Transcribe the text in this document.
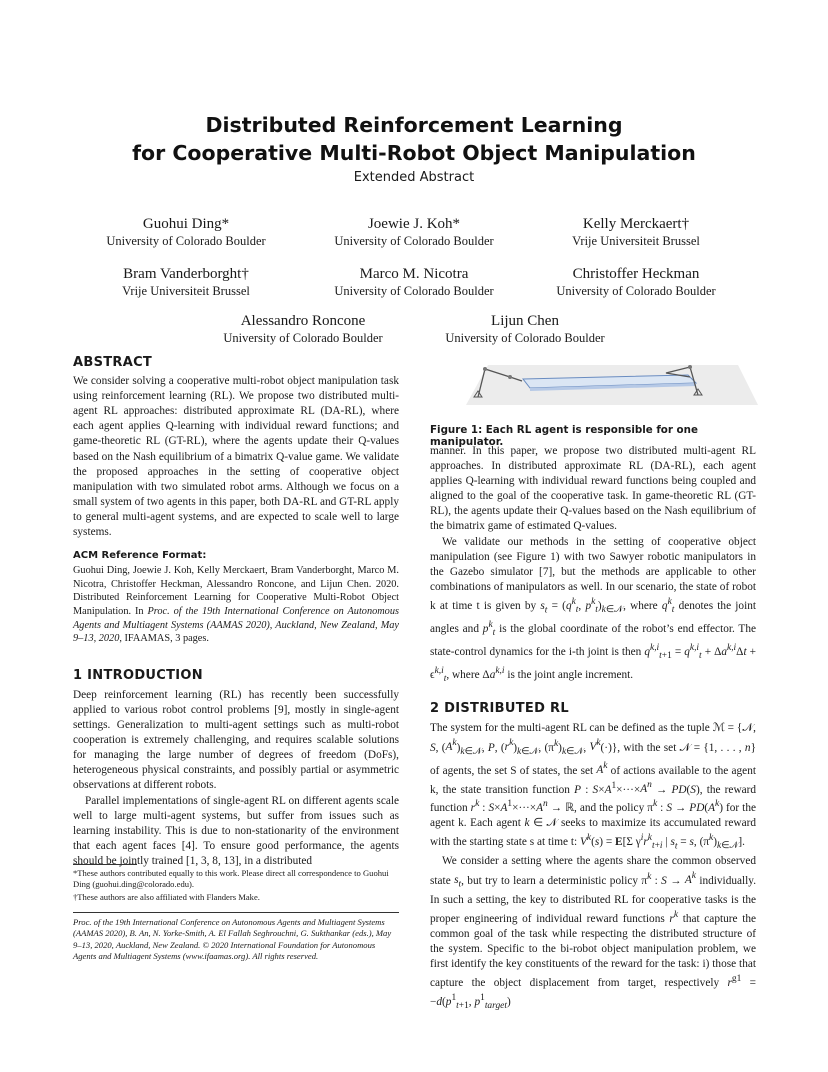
Distributed Reinforcement Learning
for Cooperative Multi-Robot Object Manipulation
Extended Abstract
Guohui Ding*
University of Colorado Boulder
Joewie J. Koh*
University of Colorado Boulder
Kelly Merckaert†
Vrije Universiteit Brussel
Bram Vanderborght†
Vrije Universiteit Brussel
Marco M. Nicotra
University of Colorado Boulder
Christoffer Heckman
University of Colorado Boulder
Alessandro Roncone
University of Colorado Boulder
Lijun Chen
University of Colorado Boulder
ABSTRACT

We consider solving a cooperative multi-robot object manipulation task using reinforcement learning (RL). We propose two distributed multi-agent RL approaches: distributed approximate RL (DA-RL), where each agent applies Q-learning with individual reward functions; and game-theoretic RL (GT-RL), where the agents update their Q-values based on the Nash equilibrium of a bimatrix Q-value game. We validate the proposed approaches in the setting of cooperative object manipulation with two simulated robot arms. Although we focus on a small system of two agents in this paper, both DA-RL and GT-RL apply to general multi-agent systems, and are expected to scale well to large systems.

ACM Reference Format:

Guohui Ding, Joewie J. Koh, Kelly Merckaert, Bram Vanderborght, Marco M. Nicotra, Christoffer Heckman, Alessandro Roncone, and Lijun Chen. 2020. Distributed Reinforcement Learning for Cooperative Multi-Robot Object Manipulation. In Proc. of the 19th International Conference on Autonomous Agents and Multiagent Systems (AAMAS 2020), Auckland, New Zealand, May 9–13, 2020, IFAAMAS, 3 pages.

1 INTRODUCTION

Deep reinforcement learning (RL) has recently been successfully applied to various robot control problems [9], mostly in single-agent settings. Generalization to multi-agent settings such as multi-robot cooperation is extremely challenging, and requires scalable solutions for managing the large number of degrees of freedom (DoFs), heterogeneous physical constraints, and possibly partial or asymmetric observations at different robots.

Parallel implementations of single-agent RL on different agents scale well to large multi-agent systems, but suffer from issues such as learning instability. This is due to non-stationarity of the environment that each agent faces [4]. To ensure good performance, the agents should be jointly trained [1, 3, 8, 13], in a distributed

*These authors contributed equally to this work. Please direct all correspondence to Guohui Ding (guohui.ding@colorado.edu).
†These authors are also affiliated with Flanders Make.
Proc. of the 19th International Conference on Autonomous Agents and Multiagent Systems (AAMAS 2020), B. An, N. Yorke-Smith, A. El Fallah Seghrouchni, G. Sukthankar (eds.), May 9–13, 2020, Auckland, New Zealand. © 2020 International Foundation for Autonomous Agents and Multiagent Systems (www.ifaamas.org). All rights reserved.
Figure 1: Each RL agent is responsible for one manipulator.

manner. In this paper, we propose two distributed multi-agent RL approaches. In distributed approximate RL (DA-RL), each agent applies Q-learning with individual reward functions being coupled and aligned to the goal of the cooperative task. In game-theoretic RL (GT-RL), the agents update their Q-values based on the Nash equilibrium of the bimatrix game of estimated Q-values.

We validate our methods in the setting of cooperative object manipulation (see Figure 1) with two Sawyer robotic manipulators in the Gazebo simulator [7], but the methods are applicable to other combinations of manipulators as well. In our scenario, the state of robot k at time t is given by $s_t = (q^k_t$, $p^k_t)_{k\in 𝒩}$, where $q^k_t$ denotes the joint angles and $p^k_t$ is the global coordinate of the robot’s end effector. The state-control dynamics for the i-th joint is then $q^{k,i}_{t+1} = q^{k,i}_t + \Delta a^{k,i}\Delta t + \epsilon^{k,i}_t$, where Δa$^{k,i}$ is the joint angle increment.

2 DISTRIBUTED RL

The system for the multi-agent RL can be defined as the tuple ℳ = {𝒩, S, $(A^k)_{k\in 𝒩}$, P, $(r^k)_{k\in 𝒩}$, $(\pi^k)_{k\in 𝒩}$, $V^k(\cdot)$}, with the set 𝒩 = {1, . . . , n} of agents, the set S of states, the set $A^k$ of actions available to the agent k, the state transition function P : $S\times A^1\times\cdot\cdot\cdot\times A^n \to PD(S)$, the reward function $r^k$ : $S\times A^1\times\cdot\cdot\cdot\times A^n$ → ℝ, and the policy $\pi^k$ : $S \to PD(A^k)$ for the agent k. Each agent k ∈ 𝒩 seeks to maximize its accumulated reward with the starting state s at time t: $V^k(s) = E[\Sigma$ $\gamma^ir^k_{t+i}$ | $s_t = s$, $(\pi^k)_{k\in 𝒩}$].

We consider a setting where the agents share the common observed state $s_t$, but try to learn a deterministic policy $\pi^k$ : $S \to A^k$ individually. In such a setting, the key to distributed RL for cooperative tasks is the proper engineering of individual reward functions $r^k$ that capture the common goal of the task while respecting the distributed structure of the system. Specific to the bi-robot object manipulation problem, we first identify the key constituents of the reward for the task: i) those that capture the object displacement from target, respectively $r^{g1} = -d(p^1_{t+1}$, $p^1_{target}$)
